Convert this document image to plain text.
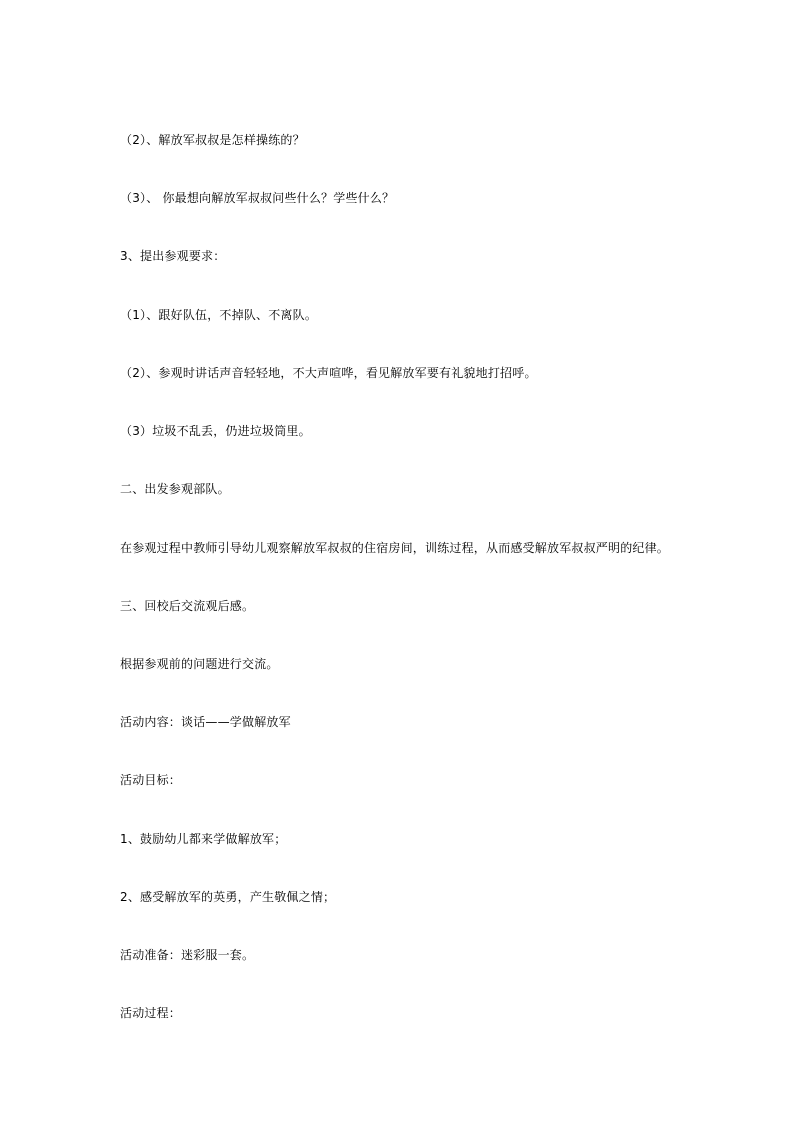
（2）、解放军叔叔是怎样操练的？
（3）、 你最想向解放军叔叔问些什么？学些什么？
3、提出参观要求：
（1）、跟好队伍，不掉队、不离队。
（2）、参观时讲话声音轻轻地，不大声喧哗，看见解放军要有礼貌地打招呼。
（3）垃圾不乱丢，仍进垃圾筒里。
二、出发参观部队。
在参观过程中教师引导幼儿观察解放军叔叔的住宿房间，训练过程，从而感受解放军叔叔严明的纪律。
三、回校后交流观后感。
根据参观前的问题进行交流。
活动内容：谈话——学做解放军
活动目标：
1、鼓励幼儿都来学做解放军；
2、感受解放军的英勇，产生敬佩之情；
活动准备：迷彩服一套。
活动过程：
